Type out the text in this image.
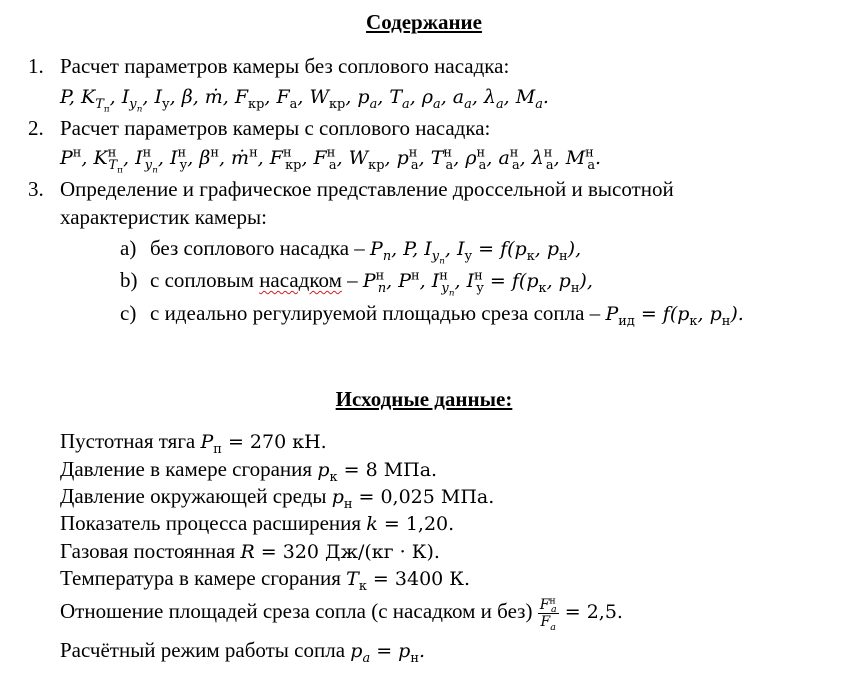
Содержание
1. Расчет параметров камеры без соплового насадка:
P, $K_{T_п}$, $I_{у_п}$, $I_у$, β, ṁ, $F_{кр}$, $F_а$, $W_{кр}$, $p_a$, $T_a$, $\rho_a$, $a_a$, $\lambda_a$, $M_a$.
2. Расчет параметров камеры с соплового насадка:
$P^н$, $K^н_{T_п}$, $I^н_{у_п}$, $I^н_у$, $\beta^н$, ṁ$^н$, $F^н_{кр}$, $F^н_а$, $W_{кр}$, $p^н_а$, $T^н_а$, $\rho^н_а$, $a^н_а$, $\lambda^н_а$, $M^н_а$.
3. Определение и графическое представление дроссельной и высотной
характеристик камеры:
a) без соплового насадка – $P_n$, P, $I_{у_п}$, $I_у = f(p_к$, $p_н$),
b) с сопловым насадком – $P^н_n$, $P^н$, $I^н_{у_п}$, $I^н_у = f(p_к$, $p_н$),
c) с идеально регулируемой площадью среза сопла – $P_{ид} = f(p_к$, $p_н$).
Исходные данные:
Пустотная тяга $P_п = 270$ кН.
Давление в камере сгорания $p_к = 8$ МПа.
Давление окружающей среды $p_н = 0,025$ МПа.
Показатель процесса расширения k = 1,20.
Газовая постоянная R = 320 Дж/(кг · К).
Температура в камере сгорания $T_к = 3400$ К.
Отношение площадей среза сопла (с насадком и $без) \frac{F^н_a}{F_a} = 2,5$.
Расчётный режим работы сопла $p_a = p_н$.
